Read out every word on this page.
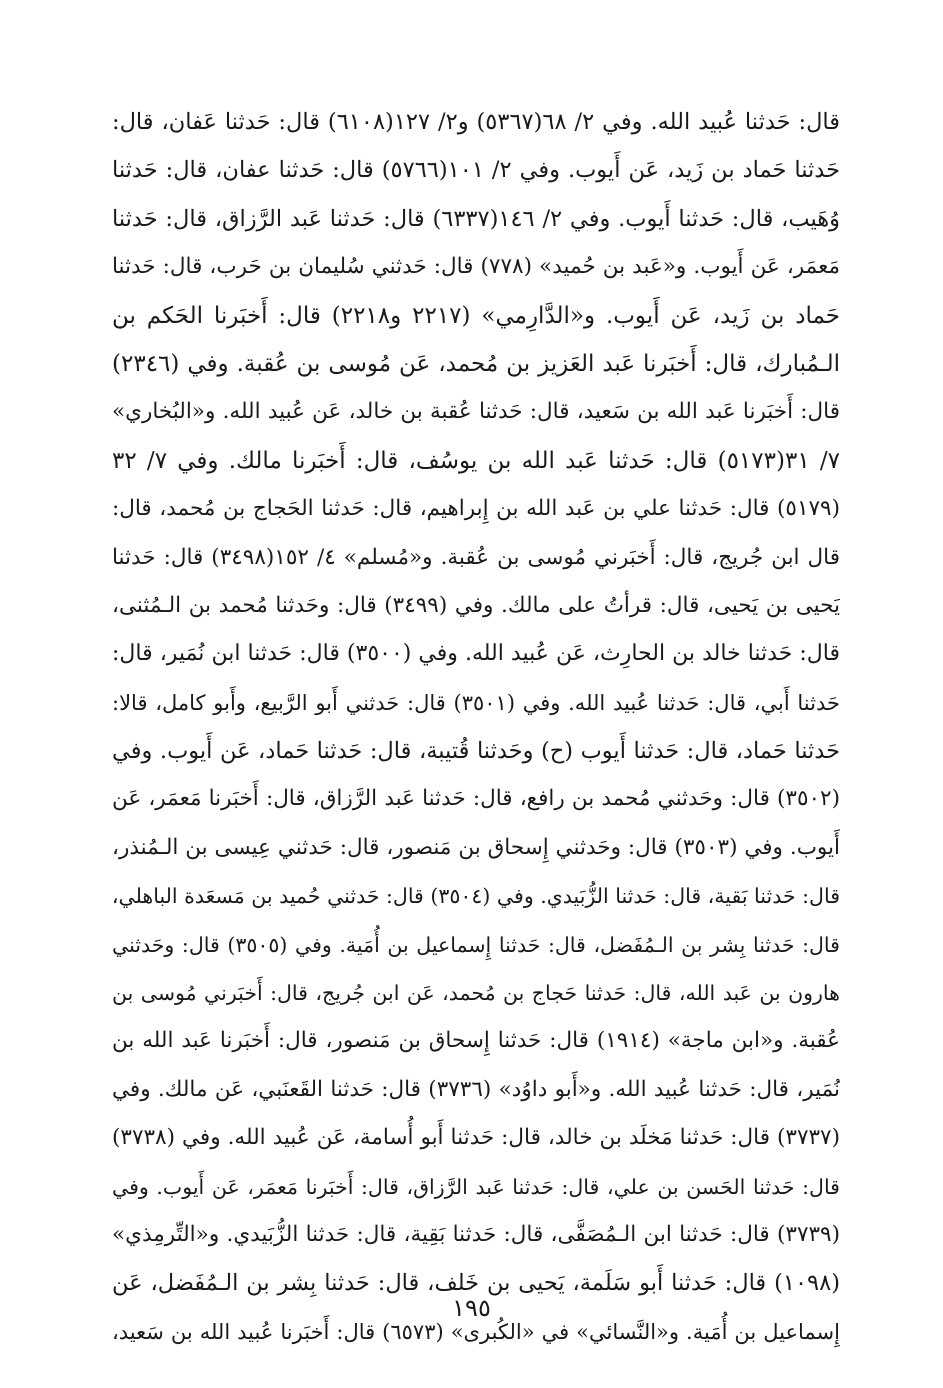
قال: حَدثنا عُبيد الله. وفي ٢/ ٦٨(٥٣٦٧) و٢/ ١٢٧(٦١٠٨) قال: حَدثنا عَفان، قال:
حَدثنا حَماد بن زَيد، عَن أَيوب. وفي ٢/ ١٠١(٥٧٦٦) قال: حَدثنا عفان، قال: حَدثنا
وُهَيب، قال: حَدثنا أَيوب. وفي ٢/ ١٤٦(٦٣٣٧) قال: حَدثنا عَبد الرَّزاق، قال: حَدثنا
مَعمَر، عَن أَيوب. و«عَبد بن حُميد» (٧٧٨) قال: حَدثني سُليمان بن حَرب، قال: حَدثنا
حَماد بن زَيد، عَن أَيوب. و«الدَّارِمي» (٢٢١٧ و٢٢١٨) قال: أَخبَرنا الحَكم بن
الـمُبارك، قال: أَخبَرنا عَبد العَزيز بن مُحمد، عَن مُوسى بن عُقبة. وفي (٢٣٤٦)
قال: أَخبَرنا عَبد الله بن سَعيد، قال: حَدثنا عُقبة بن خالد، عَن عُبيد الله. و«البُخاري»
٧/ ٣١(٥١٧٣) قال: حَدثنا عَبد الله بن يوسُف، قال: أَخبَرنا مالك. وفي ٧/ ٣٢
(٥١٧٩) قال: حَدثنا علي بن عَبد الله بن إِبراهيم، قال: حَدثنا الحَجاج بن مُحمد، قال:
قال ابن جُريج، قال: أَخبَرني مُوسى بن عُقبة. و«مُسلم» ٤/ ١٥٢(٣٤٩٨) قال: حَدثنا
يَحيى بن يَحيى، قال: قرأتُ على مالك. وفي (٣٤٩٩) قال: وحَدثنا مُحمد بن الـمُثنى،
قال: حَدثنا خالد بن الحارِث، عَن عُبيد الله. وفي (٣٥٠٠) قال: حَدثنا ابن نُمَير، قال:
حَدثنا أَبي، قال: حَدثنا عُبيد الله. وفي (٣٥٠١) قال: حَدثني أَبو الرَّبيع، وأَبو كامل، قالا:
حَدثنا حَماد، قال: حَدثنا أَيوب (ح) وحَدثنا قُتيبة، قال: حَدثنا حَماد، عَن أَيوب. وفي
(٣٥٠٢) قال: وحَدثني مُحمد بن رافع، قال: حَدثنا عَبد الرَّزاق، قال: أَخبَرنا مَعمَر، عَن
أَيوب. وفي (٣٥٠٣) قال: وحَدثني إِسحاق بن مَنصور، قال: حَدثني عِيسى بن الـمُنذر،
قال: حَدثنا بَقية، قال: حَدثنا الزُّبَيدي. وفي (٣٥٠٤) قال: حَدثني حُميد بن مَسعَدة الباهلي،
قال: حَدثنا بِشر بن الـمُفَضل، قال: حَدثنا إِسماعيل بن أُمَية. وفي (٣٥٠٥) قال: وحَدثني
هارون بن عَبد الله، قال: حَدثنا حَجاج بن مُحمد، عَن ابن جُريج، قال: أَخبَرني مُوسى بن
عُقبة. و«ابن ماجة» (١٩١٤) قال: حَدثنا إِسحاق بن مَنصور، قال: أَخبَرنا عَبد الله بن
نُمَير، قال: حَدثنا عُبيد الله. و«أَبو داوُد» (٣٧٣٦) قال: حَدثنا القَعنَبي، عَن مالك. وفي
(٣٧٣٧) قال: حَدثنا مَخلَد بن خالد، قال: حَدثنا أَبو أُسامة، عَن عُبيد الله. وفي (٣٧٣٨)
قال: حَدثنا الحَسن بن علي، قال: حَدثنا عَبد الرَّزاق، قال: أَخبَرنا مَعمَر، عَن أَيوب. وفي
(٣٧٣٩) قال: حَدثنا ابن الـمُصَفَّى، قال: حَدثنا بَقِية، قال: حَدثنا الزُّبَيدي. و«التِّرمِذي»
(١٠٩٨) قال: حَدثنا أَبو سَلَمة، يَحيى بن خَلف، قال: حَدثنا بِشر بن الـمُفَضل، عَن
إِسماعيل بن أُمَية. و«النَّسائي» في «الكُبرى» (٦٥٧٣) قال: أَخبَرنا عُبيد الله بن سَعيد،
١٩٥
